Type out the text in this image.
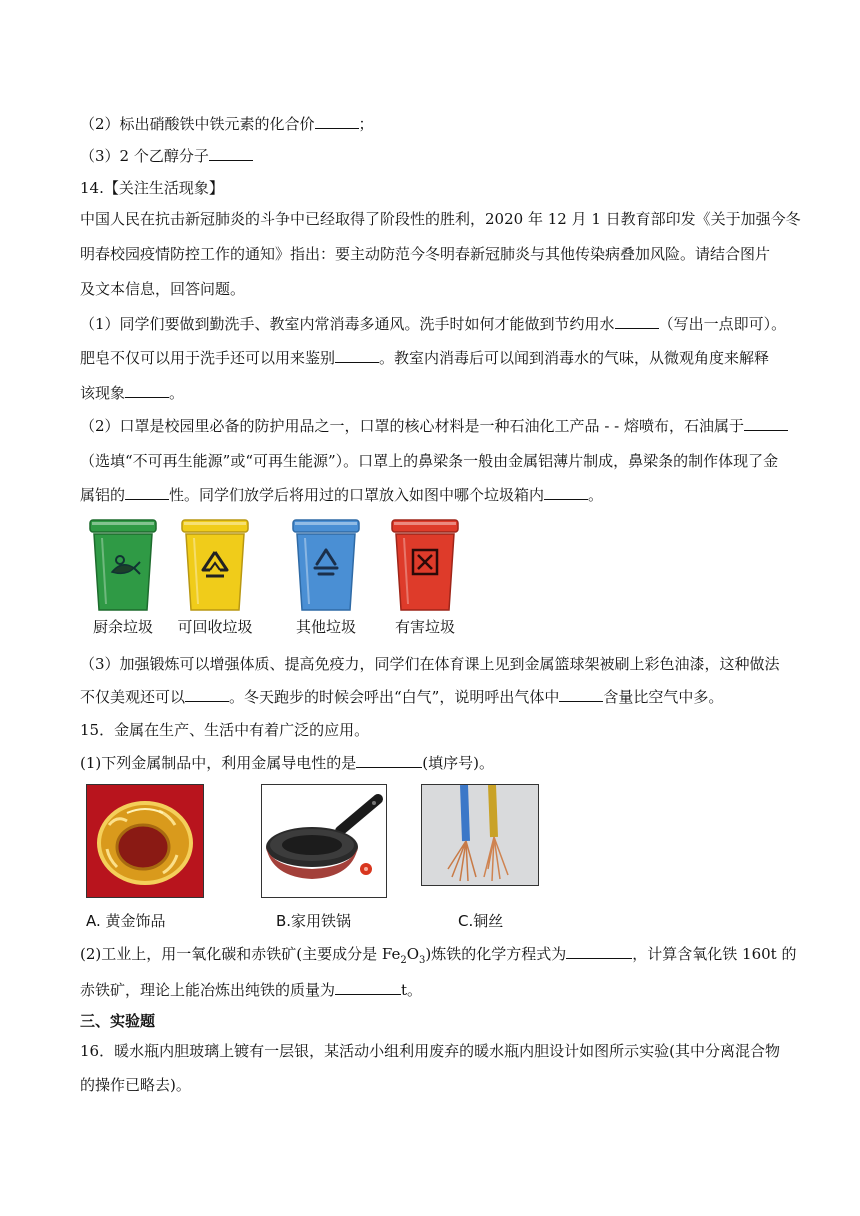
（2）标出硝酸铁中铁元素的化合价	；
（3）2 个乙醇分子
14.【关注生活现象】
中国人民在抗击新冠肺炎的斗争中已经取得了阶段性的胜利，2020 年 12 月 1 日教育部印发《关于加强今冬
明春校园疫情防控工作的通知》指出：要主动防范今冬明春新冠肺炎与其他传染病叠加风险。请结合图片
及文本信息，回答问题。
（1）同学们要做到勤洗手、教室内常消毒多通风。洗手时如何才能做到节约用水	（写出一点即可）。
肥皂不仅可以用于洗手还可以用来鉴别	。教室内消毒后可以闻到消毒水的气味，从微观角度来解释
该现象	。
（2）口罩是校园里必备的防护用品之一，口罩的核心材料是一种石油化工产品 - - 熔喷布，石油属于
（选填“不可再生能源”或“可再生能源”）。口罩上的鼻梁条一般由金属铝薄片制成，鼻梁条的制作体现了金
属铝的	性。同学们放学后将用过的口罩放入如图中哪个垃圾箱内	。
厨余垃圾	可回收垃圾	其他垃圾	有害垃圾
（3）加强锻炼可以增强体质、提高免疫力，同学们在体育课上见到金属篮球架被刷上彩色油漆，这种做法
不仅美观还可以	。冬天跑步的时候会呼出“白气”，说明呼出气体中	含量比空气中多。
15．金属在生产、生活中有着广泛的应用。
(1)下列金属制品中，利用金属导电性的是	(填序号)。
A. 黄金饰品	B.家用铁锅	C.铜丝
(2)工业上，用一氧化碳和赤铁矿(主要成分是 $Fe_2O_3$)炼铁的化学方程式为	，计算含氧化铁 160t 的
赤铁矿，理论上能冶炼出纯铁的质量为	t。
三、实验题
16．暖水瓶内胆玻璃上镀有一层银，某活动小组利用废弃的暖水瓶内胆设计如图所示实验(其中分离混合物
的操作已略去)。
